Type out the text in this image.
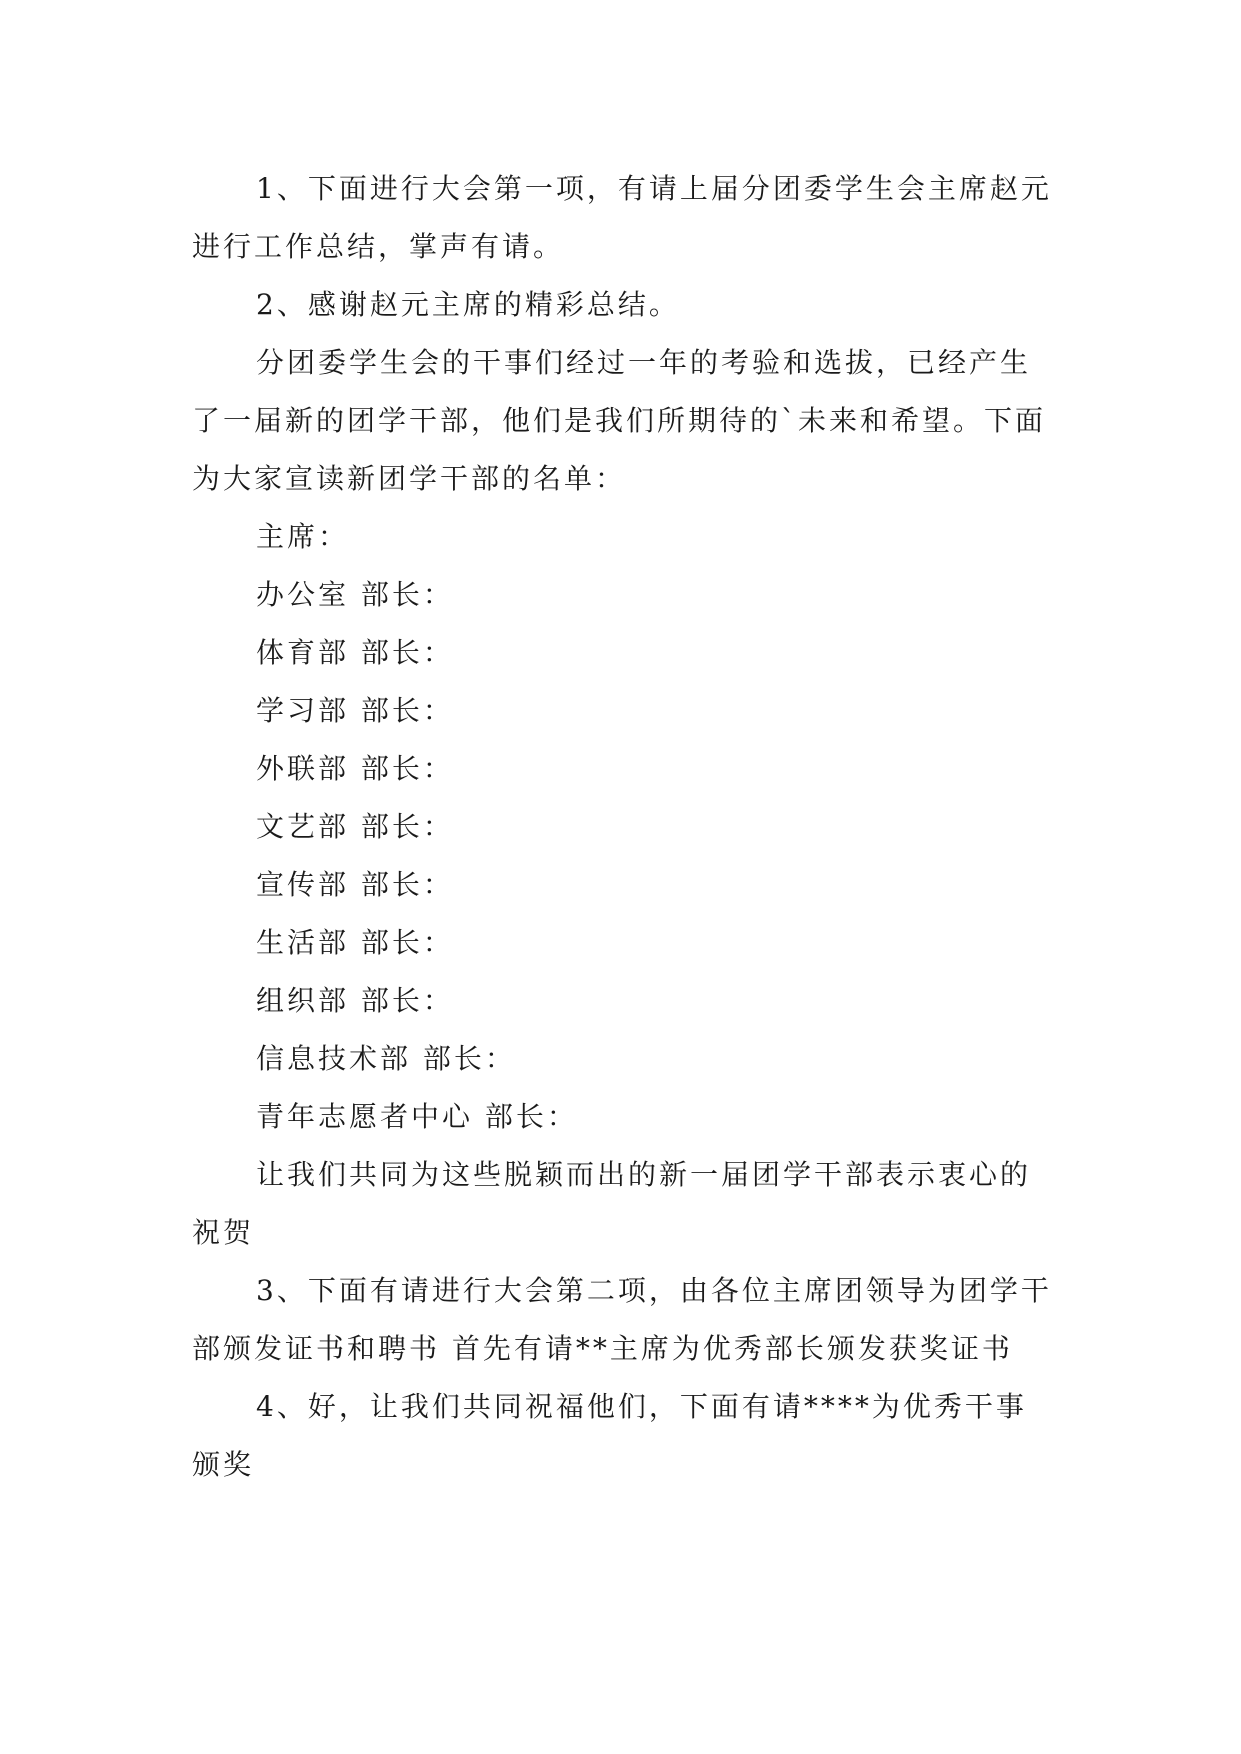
1、下面进行大会第一项，有请上届分团委学生会主席赵元进行工作总结，掌声有请。

2、感谢赵元主席的精彩总结。

分团委学生会的干事们经过一年的考验和选拔，已经产生了一届新的团学干部，他们是我们所期待的`未来和希望。下面为大家宣读新团学干部的名单：

主席：

办公室 部长：

体育部 部长：

学习部 部长：

外联部 部长：

文艺部 部长：

宣传部 部长：

生活部 部长：

组织部 部长：

信息技术部 部长：

青年志愿者中心 部长：

让我们共同为这些脱颖而出的新一届团学干部表示衷心的祝贺

3、下面有请进行大会第二项，由各位主席团领导为团学干部颁发证书和聘书 首先有请**主席为优秀部长颁发获奖证书

4、好，让我们共同祝福他们，下面有请****为优秀干事颁奖
